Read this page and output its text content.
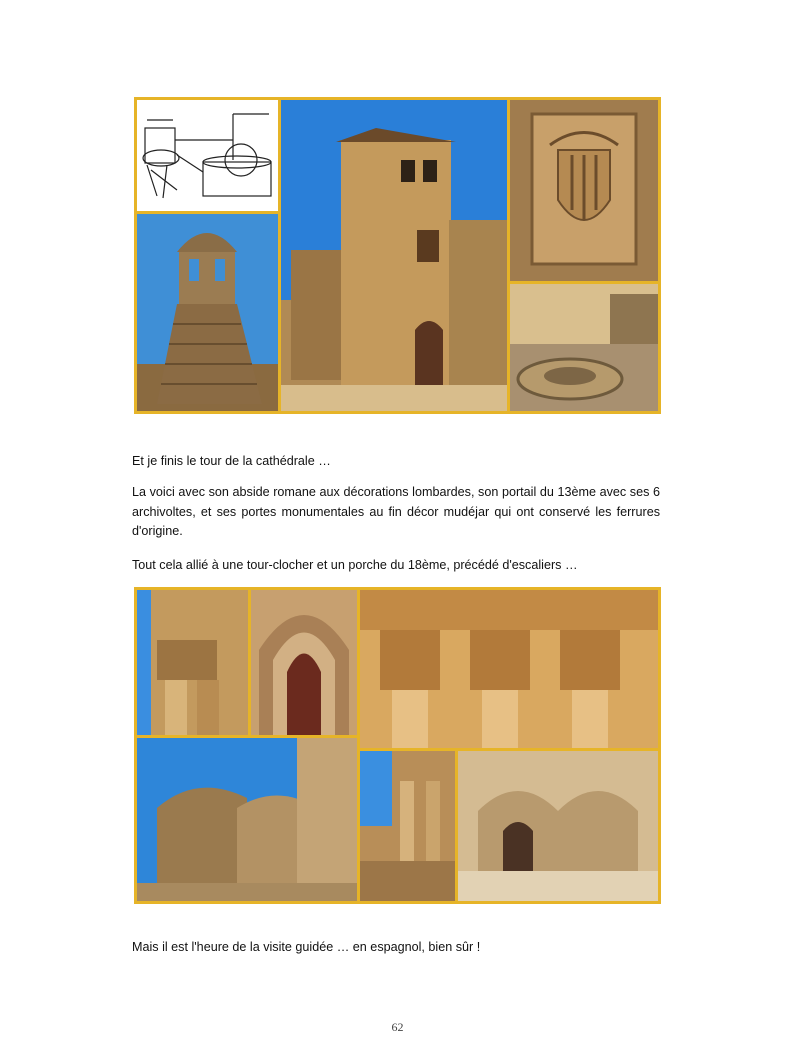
Et je finis le tour de la cathédrale …

La voici avec son abside romane aux décorations lombardes, son portail du 13ème avec ses 6 archivoltes, et ses portes monumentales au fin décor mudéjar qui ont conservé les ferrures d'origine.

Tout cela allié à une tour-clocher et un porche du 18ème, précédé d'escaliers …

Mais il est l'heure de la visite guidée … en espagnol, bien sûr !

62
